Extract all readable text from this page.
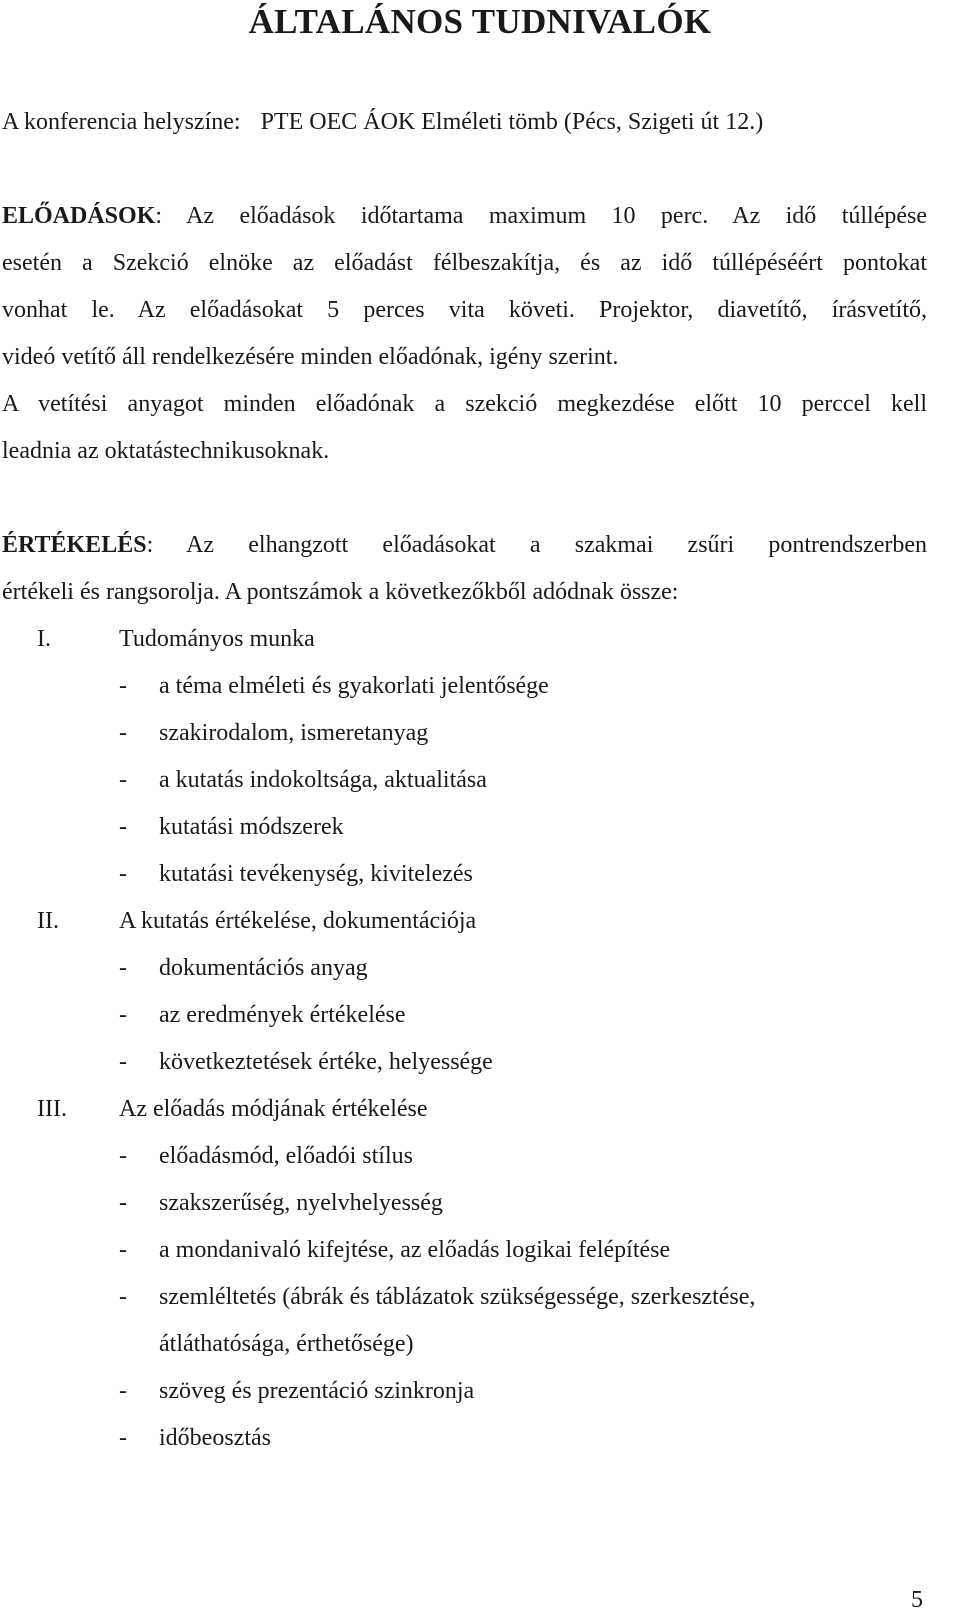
ÁLTALÁNOS TUDNIVALÓK
A konferencia helyszíne: PTE OEC ÁOK Elméleti tömb (Pécs, Szigeti út 12.)
ELŐADÁSOK: Az előadások időtartama maximum 10 perc. Az idő túllépése
esetén a Szekció elnöke az előadást félbeszakítja, és az idő túllépéséért pontokat
vonhat le. Az előadásokat 5 perces vita követi. Projektor, diavetítő, írásvetítő,
videó vetítő áll rendelkezésére minden előadónak, igény szerint.
A vetítési anyagot minden előadónak a szekció megkezdése előtt 10 perccel kell
leadnia az oktatástechnikusoknak.
ÉRTÉKELÉS: Az elhangzott előadásokat a szakmai zsűri pontrendszerben
értékeli és rangsorolja. A pontszámok a következőkből adódnak össze:
I.	Tudományos munka
- a téma elméleti és gyakorlati jelentősége
- szakirodalom, ismeretanyag
- a kutatás indokoltsága, aktualitása
- kutatási módszerek
- kutatási tevékenység, kivitelezés
II.	A kutatás értékelése, dokumentációja
- dokumentációs anyag
- az eredmények értékelése
- következtetések értéke, helyessége
III. Az előadás módjának értékelése
- előadásmód, előadói stílus
- szakszerűség, nyelvhelyesség
- a mondanivaló kifejtése, az előadás logikai felépítése
- szemléltetés (ábrák és táblázatok szükségessége, szerkesztése,
átláthatósága, érthetősége)
- szöveg és prezentáció szinkronja
- időbeosztás
5
